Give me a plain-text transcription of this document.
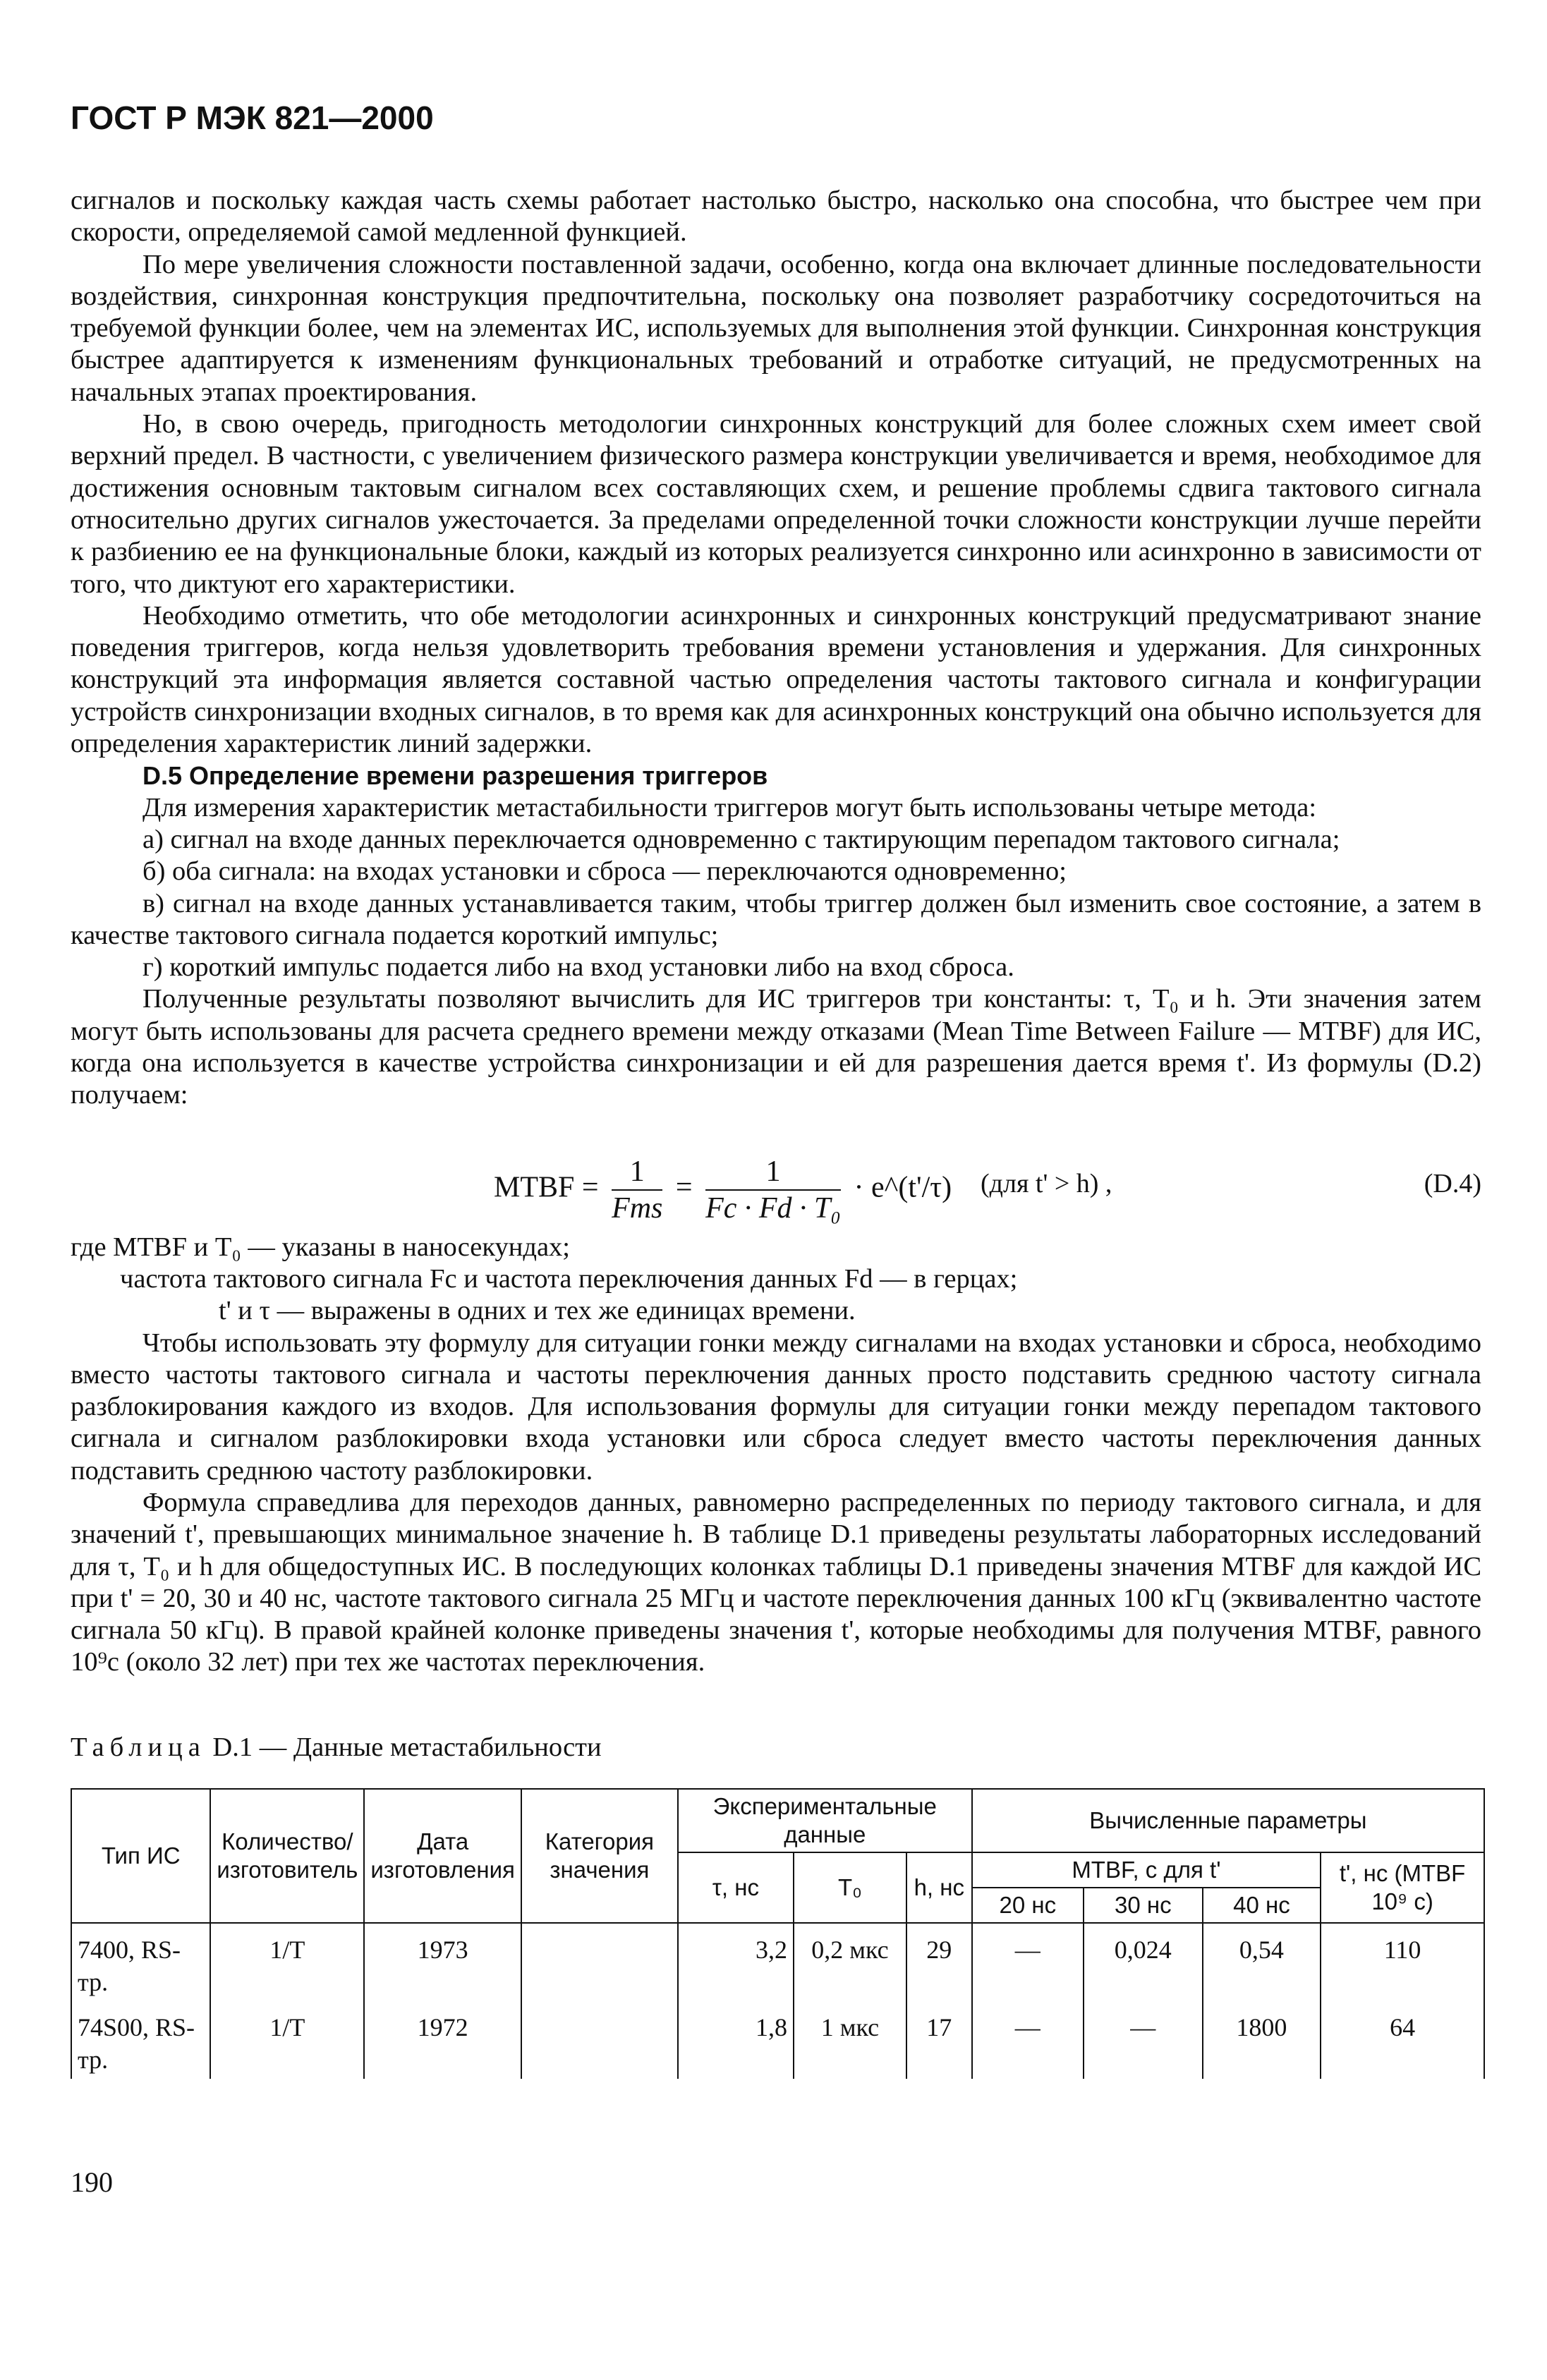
ГОСТ Р МЭК 821—2000

сигналов и поскольку каждая часть схемы работает настолько быстро, насколько она способна, что быстрее чем при скорости, определяемой самой медленной функцией.

По мере увеличения сложности поставленной задачи, особенно, когда она включает длинные последовательности воздействия, синхронная конструкция предпочтительна, поскольку она позволяет разработчику сосредоточиться на требуемой функции более, чем на элементах ИС, используемых для выполнения этой функции. Синхронная конструкция быстрее адаптируется к изменениям функциональных требований и отработке ситуаций, не предусмотренных на начальных этапах проектирования.

Но, в свою очередь, пригодность методологии синхронных конструкций для более сложных схем имеет свой верхний предел. В частности, с увеличением физического размера конструкции увеличивается и время, необходимое для достижения основным тактовым сигналом всех составляющих схем, и решение проблемы сдвига тактового сигнала относительно других сигналов ужесточается. За пределами определенной точки сложности конструкции лучше перейти к разбиению ее на функциональные блоки, каждый из которых реализуется синхронно или асинхронно в зависимости от того, что диктуют его характеристики.

Необходимо отметить, что обе методологии асинхронных и синхронных конструкций предусматривают знание поведения триггеров, когда нельзя удовлетворить требования времени установления и удержания. Для синхронных конструкций эта информация является составной частью определения частоты тактового сигнала и конфигурации устройств синхронизации входных сигналов, в то время как для асинхронных конструкций она обычно используется для определения характеристик линий задержки.

D.5 Определение времени разрешения триггеров

Для измерения характеристик метастабильности триггеров могут быть использованы четыре метода:

а) сигнал на входе данных переключается одновременно с тактирующим перепадом тактового сигнала;

б) оба сигнала: на входах установки и сброса — переключаются одновременно;

в) сигнал на входе данных устанавливается таким, чтобы триггер должен был изменить свое состояние, а затем в качестве тактового сигнала подается короткий импульс;

г) короткий импульс подается либо на вход установки либо на вход сброса.

Полученные результаты позволяют вычислить для ИС триггеров три константы: τ, T₀ и h. Эти значения затем могут быть использованы для расчета среднего времени между отказами (Mean Time Between Failure — MTBF) для ИС, когда она используется в качестве устройства синхронизации и ей для разрешения дается время t'. Из формулы (D.2) получаем:

MTBF = $\frac{1}{\text{Fms}} = \frac{1}{\text{Fc · Fd · T₀}}$ · e^(t'/τ) (для t' > h) ,	(D.4)

где MTBF и T₀ — указаны в наносекундах;

частота тактового сигнала Fc и частота переключения данных Fd — в герцах;

t' и τ — выражены в одних и тех же единицах времени.

Чтобы использовать эту формулу для ситуации гонки между сигналами на входах установки и сброса, необходимо вместо частоты тактового сигнала и частоты переключения данных просто подставить среднюю частоту сигнала разблокирования каждого из входов. Для использования формулы для ситуации гонки между перепадом тактового сигнала и сигналом разблокировки входа установки или сброса следует вместо частоты переключения данных подставить среднюю частоту разблокировки.

Формула справедлива для переходов данных, равномерно распределенных по периоду тактового сигнала, и для значений t', превышающих минимальное значение h. В таблице D.1 приведены результаты лабораторных исследований для τ, T₀ и h для общедоступных ИС. В последующих колонках таблицы D.1 приведены значения MTBF для каждой ИС при t' = 20, 30 и 40 нс, частоте тактового сигнала 25 МГц и частоте переключения данных 100 кГц (эквивалентно частоте сигнала 50 кГц). В правой крайней колонке приведены значения t', которые необходимы для получения MTBF, равного 10⁹с (около 32 лет) при тех же частотах переключения.

Таблица D.1 — Данные метастабильности
Тип ИС	Количество/ изготовитель	Дата изготовления	Категория значения	Экспериментальные данные			Вычисленные параметры			
				τ, нс	T₀	h, нс	MTBF, с для t'			t', нс (MTBF 10⁹ с)
							20 нс	30 нс	40 нс	
7400, RS-тр.	1/T	1973		3,2	0,2 мкс	29	—	0,024	0,54	110
74S00, RS-тр.	1/T	1972		1,8	1 мкс	17	—	—	1800	64
190
